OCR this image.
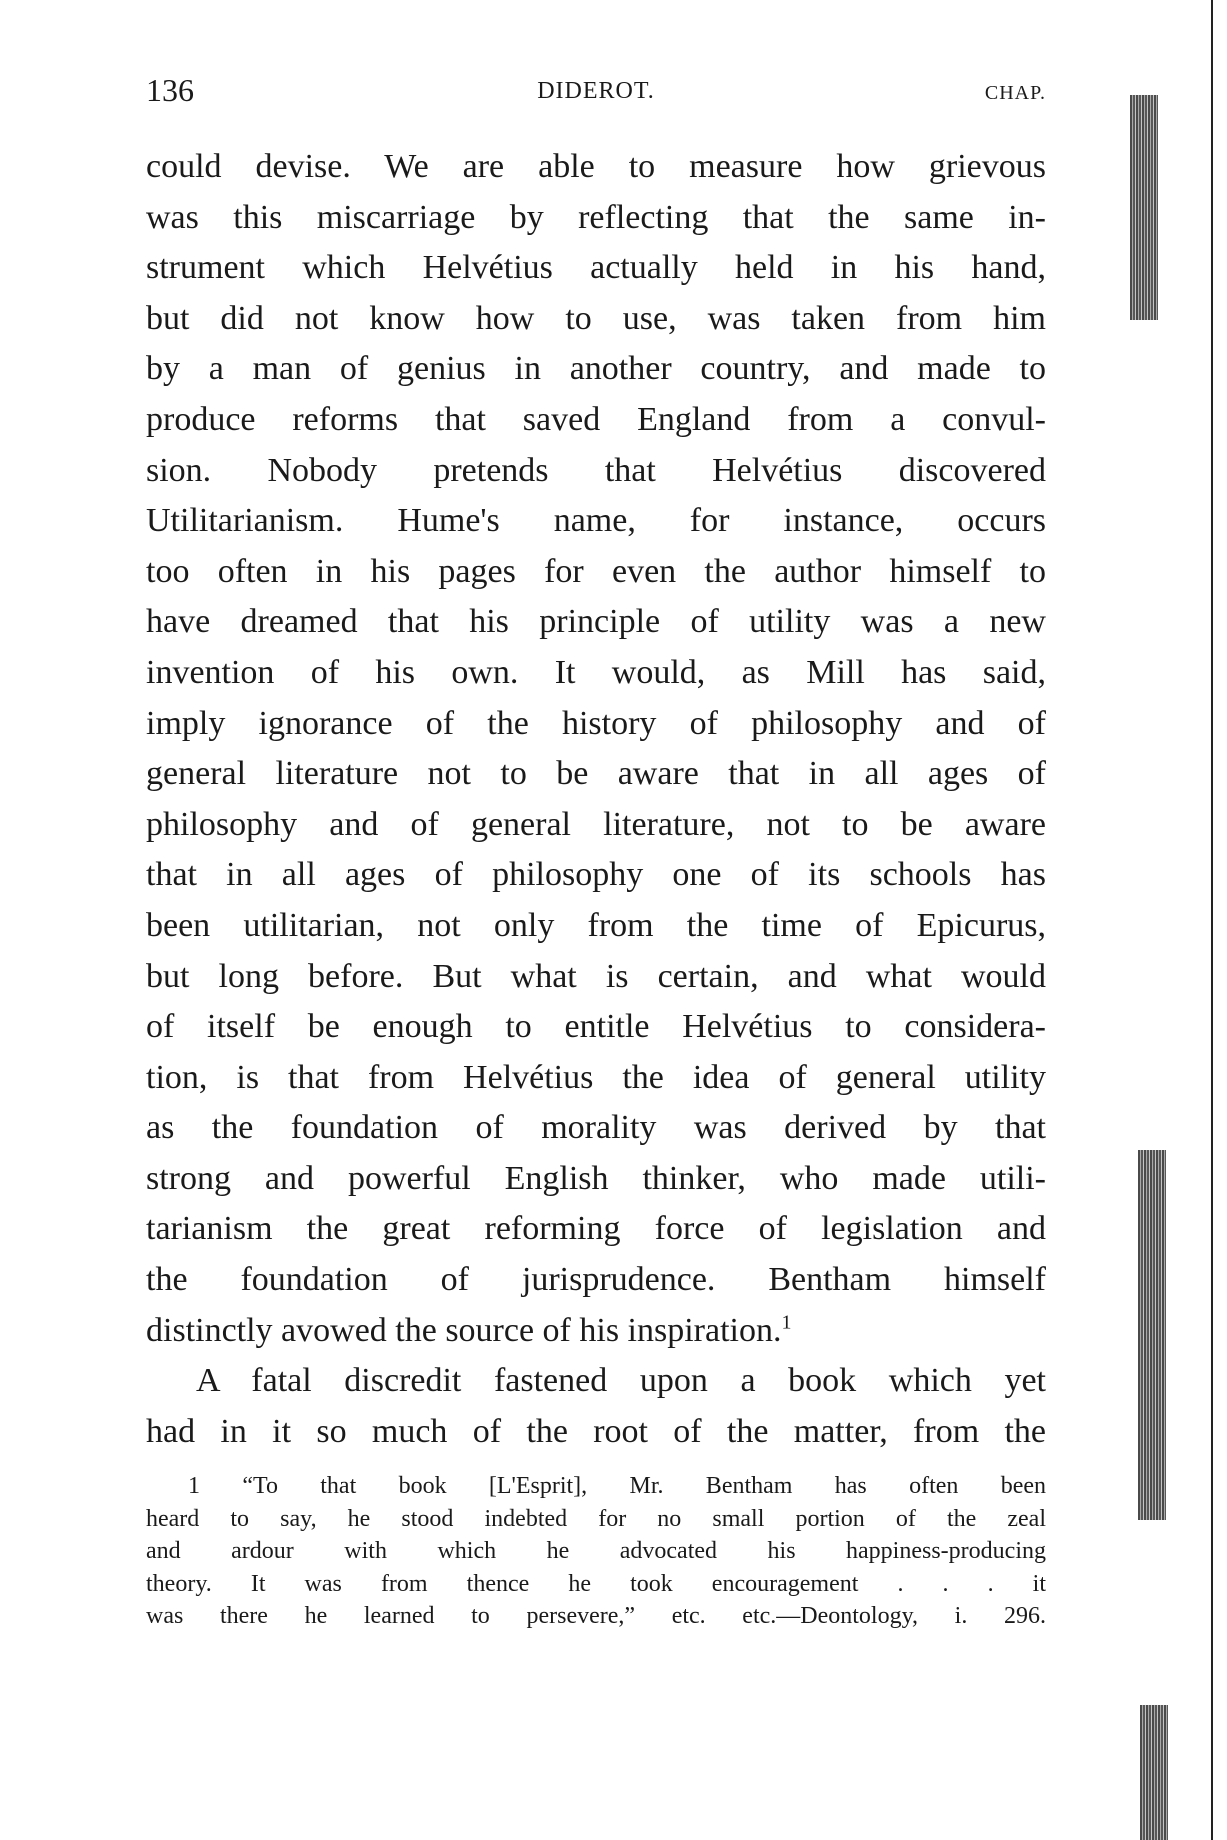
136	DIDEROT.	CHAP.
could devise. We are able to measure how grievous
was this miscarriage by reflecting that the same in-
strument which Helvétius actually held in his hand,
but did not know how to use, was taken from him
by a man of genius in another country, and made to
produce reforms that saved England from a convul-
sion. Nobody pretends that Helvétius discovered
Utilitarianism. Hume's name, for instance, occurs
too often in his pages for even the author himself to
have dreamed that his principle of utility was a new
invention of his own. It would, as Mill has said,
imply ignorance of the history of philosophy and of
general literature not to be aware that in all ages of
philosophy and of general literature, not to be aware
that in all ages of philosophy one of its schools has
been utilitarian, not only from the time of Epicurus,
but long before. But what is certain, and what would
of itself be enough to entitle Helvétius to considera-
tion, is that from Helvétius the idea of general utility
as the foundation of morality was derived by that
strong and powerful English thinker, who made utili-
tarianism the great reforming force of legislation and
the foundation of jurisprudence. Bentham himself
distinctly avowed the source of his inspiration.$^1$
A fatal discredit fastened upon a book which yet
had in it so much of the root of the matter, from the
1 “To that book [L'Esprit], Mr. Bentham has often been
heard to say, he stood indebted for no small portion of the zeal
and ardour with which he advocated his happiness-producing
theory. It was from thence he took encouragement . . . it
was there he learned to persevere,” etc. etc.—Deontology, i. 296.
